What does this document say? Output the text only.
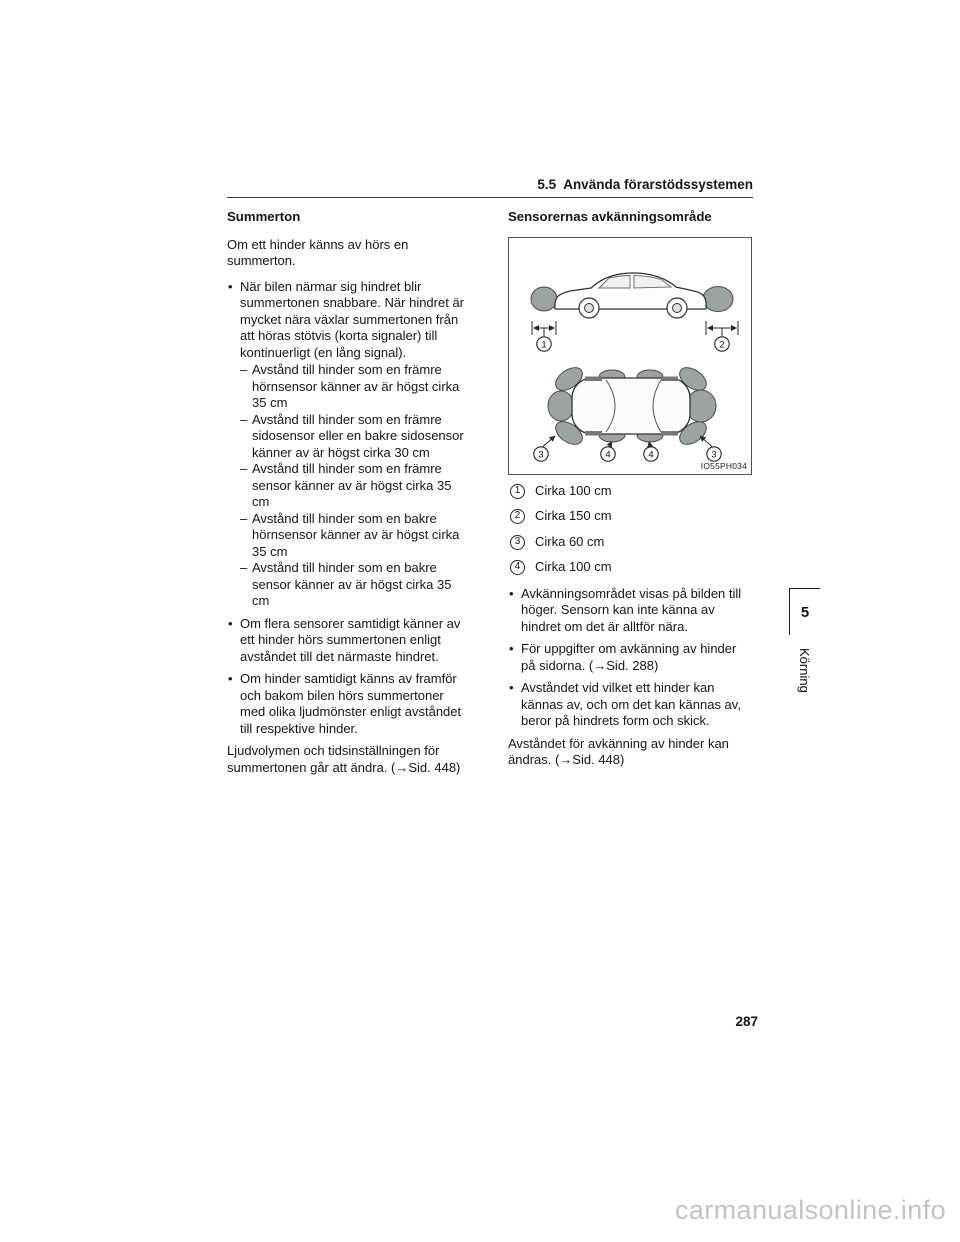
5.5  Använda förarstödssystemen
Summerton

Om ett hinder känns av hörs en summerton.

• När bilen närmar sig hindret blir summertonen snabbare. När hindret är mycket nära växlar summertonen från att höras stötvis (korta signaler) till kontinuerligt (en lång signal).
– Avstånd till hinder som en främre hörnsensor känner av är högst cirka 35 cm
– Avstånd till hinder som en främre sidosensor eller en bakre sidosensor känner av är högst cirka 30 cm
– Avstånd till hinder som en främre sensor känner av är högst cirka 35 cm
– Avstånd till hinder som en bakre hörnsensor känner av är högst cirka 35 cm
– Avstånd till hinder som en bakre sensor känner av är högst cirka 35 cm
• Om flera sensorer samtidigt känner av ett hinder hörs summertonen enligt avståndet till det närmaste hindret.
• Om hinder samtidigt känns av framför och bakom bilen hörs summertoner med olika ljudmönster enligt avståndet till respektive hinder.

Ljudvolymen och tidsinställningen för summertonen går att ändra. (→Sid. 448)

Sensorernas avkänningsområde
1	2
3	4	4	3
IO55PH034
1	Cirka 100 cm
2	Cirka 150 cm
3	Cirka 60 cm
4	Cirka 100 cm
• Avkänningsområdet visas på bilden till höger. Sensorn kan inte känna av hindret om det är alltför nära.
• För uppgifter om avkänning av hinder på sidorna. (→Sid. 288)
• Avståndet vid vilket ett hinder kan kännas av, och om det kan kännas av, beror på hindrets form och skick.

Avståndet för avkänning av hinder kan ändras. (→Sid. 448)

5
Körning
287
carmanualsonline.info
